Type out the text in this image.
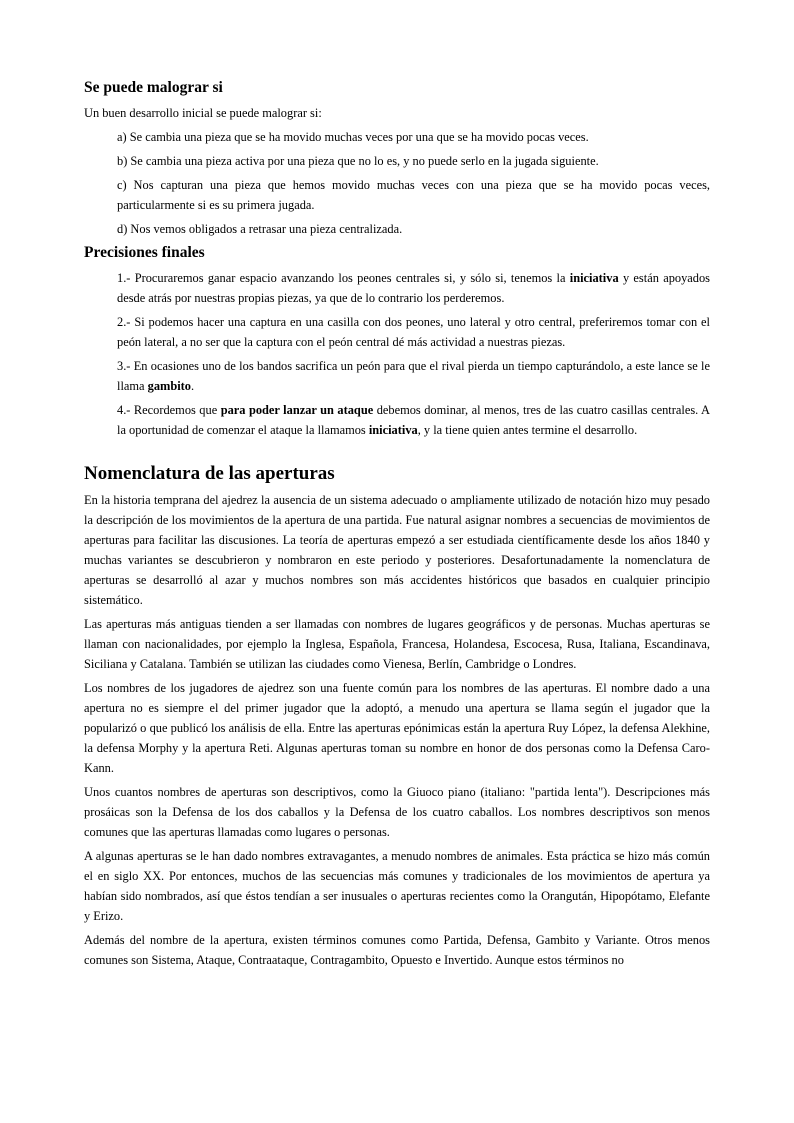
Se puede malograr si

Un buen desarrollo inicial se puede malograr si:

a) Se cambia una pieza que se ha movido muchas veces por una que se ha movido pocas veces.

b) Se cambia una pieza activa por una pieza que no lo es, y no puede serlo en la jugada siguiente.

c) Nos capturan una pieza que hemos movido muchas veces con una pieza que se ha movido pocas veces, particularmente si es su primera jugada.

d) Nos vemos obligados a retrasar una pieza centralizada.

Precisiones finales

1.- Procuraremos ganar espacio avanzando los peones centrales si, y sólo si, tenemos la iniciativa y están apoyados desde atrás por nuestras propias piezas, ya que de lo contrario los perderemos.

2.- Si podemos hacer una captura en una casilla con dos peones, uno lateral y otro central, preferiremos tomar con el peón lateral, a no ser que la captura con el peón central dé más actividad a nuestras piezas.

3.- En ocasiones uno de los bandos sacrifica un peón para que el rival pierda un tiempo capturándolo, a este lance se le llama gambito.

4.- Recordemos que para poder lanzar un ataque debemos dominar, al menos, tres de las cuatro casillas centrales. A la oportunidad de comenzar el ataque la llamamos iniciativa, y la tiene quien antes termine el desarrollo.

Nomenclatura de las aperturas

En la historia temprana del ajedrez la ausencia de un sistema adecuado o ampliamente utilizado de notación hizo muy pesado la descripción de los movimientos de la apertura de una partida. Fue natural asignar nombres a secuencias de movimientos de aperturas para facilitar las discusiones. La teoría de aperturas empezó a ser estudiada científicamente desde los años 1840 y muchas variantes se descubrieron y nombraron en este periodo y posteriores. Desafortunadamente la nomenclatura de aperturas se desarrolló al azar y muchos nombres son más accidentes históricos que basados en cualquier principio sistemático.

Las aperturas más antiguas tienden a ser llamadas con nombres de lugares geográficos y de personas. Muchas aperturas se llaman con nacionalidades, por ejemplo la Inglesa, Española, Francesa, Holandesa, Escocesa, Rusa, Italiana, Escandinava, Siciliana y Catalana. También se utilizan las ciudades como Vienesa, Berlín, Cambridge o Londres.

Los nombres de los jugadores de ajedrez son una fuente común para los nombres de las aperturas. El nombre dado a una apertura no es siempre el del primer jugador que la adoptó, a menudo una apertura se llama según el jugador que la popularizó o que publicó los análisis de ella. Entre las aperturas epónimicas están la apertura Ruy López, la defensa Alekhine, la defensa Morphy y la apertura Reti. Algunas aperturas toman su nombre en honor de dos personas como la Defensa Caro-Kann.

Unos cuantos nombres de aperturas son descriptivos, como la Giuoco piano (italiano: "partida lenta"). Descripciones más prosáicas son la Defensa de los dos caballos y la Defensa de los cuatro caballos. Los nombres descriptivos son menos comunes que las aperturas llamadas como lugares o personas.

A algunas aperturas se le han dado nombres extravagantes, a menudo nombres de animales. Esta práctica se hizo más común el en siglo XX. Por entonces, muchos de las secuencias más comunes y tradicionales de los movimientos de apertura ya habían sido nombrados, así que éstos tendían a ser inusuales o aperturas recientes como la Orangután, Hipopótamo, Elefante y Erizo.

Además del nombre de la apertura, existen términos comunes como Partida, Defensa, Gambito y Variante. Otros menos comunes son Sistema, Ataque, Contraataque, Contragambito, Opuesto e Invertido. Aunque estos términos no
